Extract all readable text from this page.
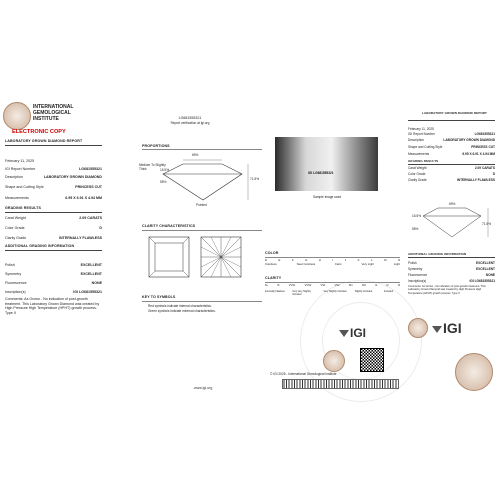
INTERNATIONAL
GEMOLOGICAL
INSTITUTE
ELECTRONIC COPY
LABORATORY GROWN DIAMOND REPORT
February 11, 2025
IGI Report Number	LG681555321
Description	LABORATORY GROWN DIAMOND
Shape and Cutting Style	PRINCESS CUT
Measurements	6.95 X 6.91 X 4.94 MM
GRADING RESULTS
Carat Weight	2.09 CARATS
Color Grade	D
Clarity Grade	INTERNALLY FLAWLESS
ADDITIONAL GRADING INFORMATION
Polish	EXCELLENT
Symmetry	EXCELLENT
Fluorescence	NONE
Inscription(s)	IGI LG681555321
Comments: As Grown - No indication of post-growth treatment. This Laboratory Grown Diamond was created by High Pressure High Temperature (HPHT) growth process. Type II
LG681555321
Report verification at igi.org
PROPORTIONS
69%
71.5%
Medium To Slightly Thick	15.5%
55%
Pointed
IGI LG681555321
Sample image used
CLARITY CHARACTERISTICS
KEY TO SYMBOLS
Red symbols indicate internal characteristics.
Green symbols indicate external characteristics.
www.igi.org
COLOR
D	E	F	G	H	I	J	K	L	M	N
Colorless	Near Colorless	Faint	Very Light	Light
CLARITY
FL	IF	VVS1	VVS2	VS1	VS2	SI1	SI2	I1	I2	I3
Internally Flawless	Very Very Slightly Included
Very Slightly Included	Slightly Included	Included
IGI
© IGI 2025 - International Gemological Institute
LABORATORY GROWN DIAMOND REPORT
February 11, 2025
IGI Report Number	LG681555321
Description	LABORATORY GROWN DIAMOND
Shape and Cutting Style	PRINCESS CUT
Measurements	6.95 X 6.91 X 4.94 MM
GRADING RESULTS
Carat Weight	2.09 CARATS
Color Grade	D
Clarity Grade	INTERNALLY FLAWLESS
69%
71.5%
15.5%
55%
ADDITIONAL GRADING INFORMATION
Polish	EXCELLENT
Symmetry	EXCELLENT
Fluorescence	NONE
Inscription(s)	IGI LG681555321
Comments: As Grown - No indication of post-growth treatment. This Laboratory Grown Diamond was created by High Pressure High Temperature (HPHT) growth process. Type II
IGI
